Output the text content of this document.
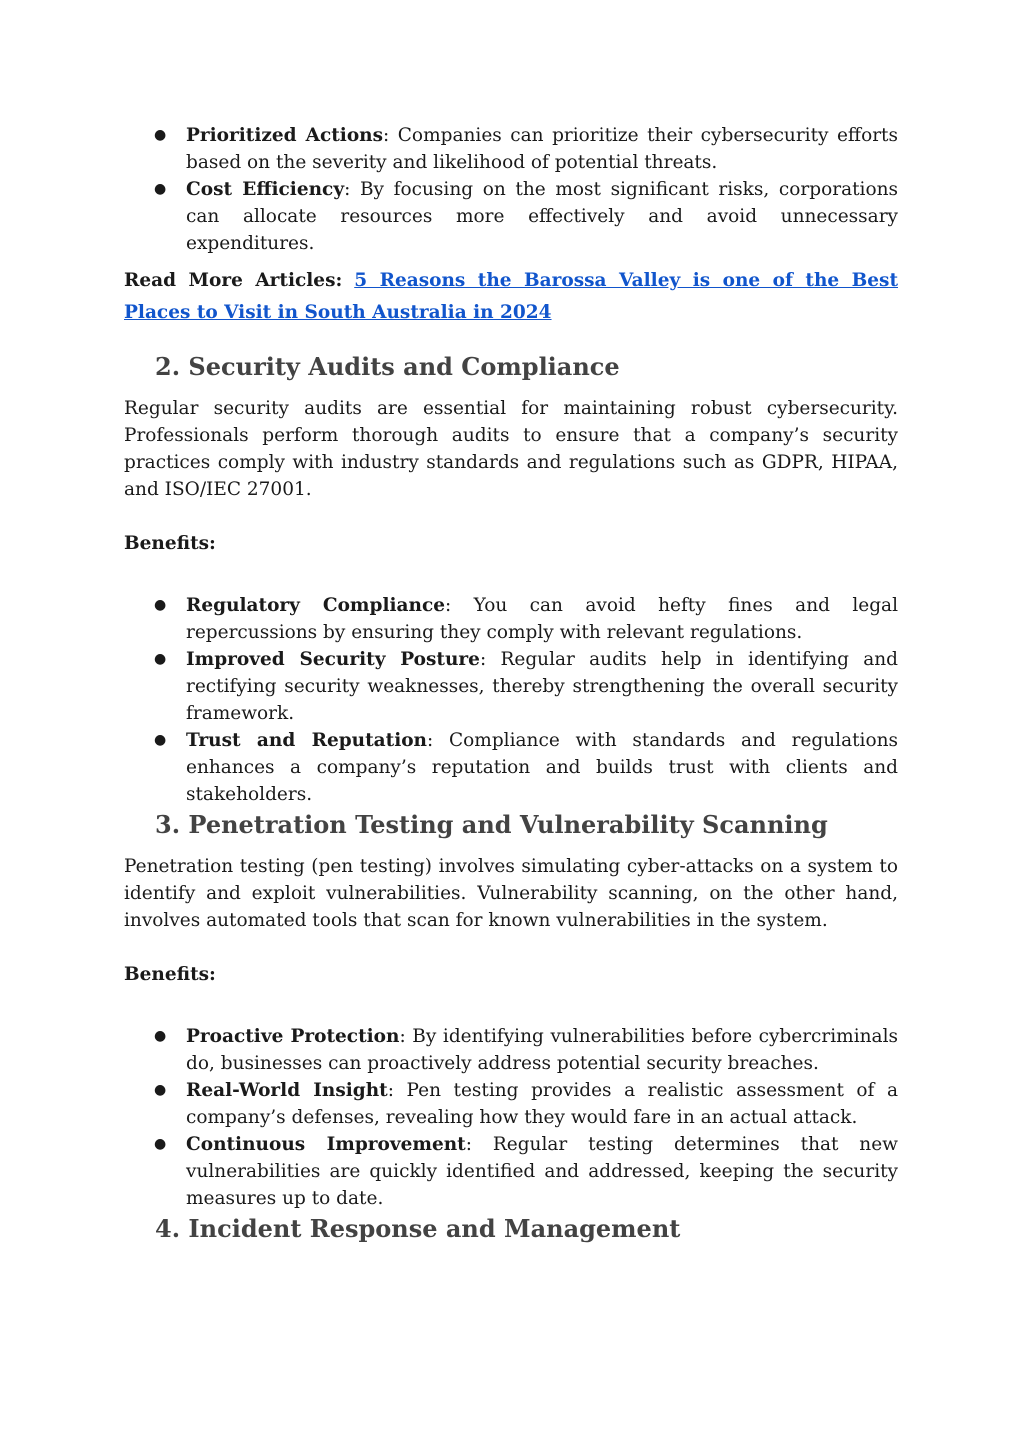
● Prioritized Actions: Companies can prioritize their cybersecurity efforts based on the severity and likelihood of potential threats.
● Cost Efficiency: By focusing on the most significant risks, corporations can allocate resources more effectively and avoid unnecessary expenditures.

Read More Articles: 5 Reasons the Barossa Valley is one of the Best Places to Visit in South Australia in 2024

2. Security Audits and Compliance

Regular security audits are essential for maintaining robust cybersecurity. Professionals perform thorough audits to ensure that a company’s security practices comply with industry standards and regulations such as GDPR, HIPAA, and ISO/IEC 27001.

Benefits:

● Regulatory Compliance: You can avoid hefty fines and legal repercussions by ensuring they comply with relevant regulations.
● Improved Security Posture: Regular audits help in identifying and rectifying security weaknesses, thereby strengthening the overall security framework.
● Trust and Reputation: Compliance with standards and regulations enhances a company’s reputation and builds trust with clients and stakeholders.
3. Penetration Testing and Vulnerability Scanning

Penetration testing (pen testing) involves simulating cyber-attacks on a system to identify and exploit vulnerabilities. Vulnerability scanning, on the other hand, involves automated tools that scan for known vulnerabilities in the system.

Benefits:

● Proactive Protection: By identifying vulnerabilities before cybercriminals do, businesses can proactively address potential security breaches.
● Real-World Insight: Pen testing provides a realistic assessment of a company’s defenses, revealing how they would fare in an actual attack.
● Continuous Improvement: Regular testing determines that new vulnerabilities are quickly identified and addressed, keeping the security measures up to date.
4. Incident Response and Management
